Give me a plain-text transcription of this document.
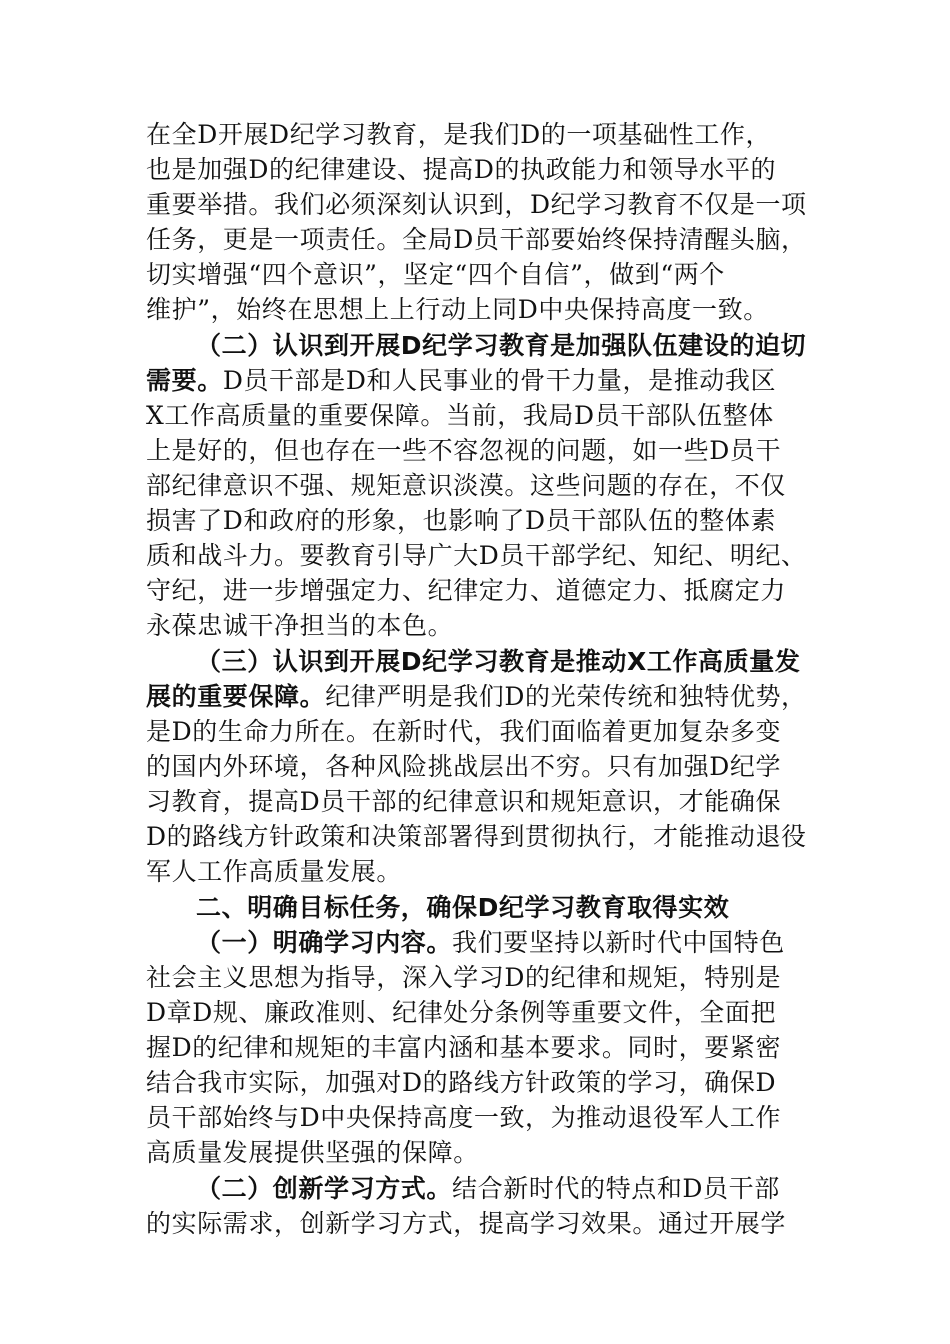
在全D开展D纪学习教育，是我们D的一项基础性工作，
也是加强D的纪律建设、提高D的执政能力和领导水平的
重要举措。我们必须深刻认识到，D纪学习教育不仅是一项
任务，更是一项责任。全局D员干部要始终保持清醒头脑，
切实增强“四个意识”，坚定“四个自信”，做到“两个
维护”，始终在思想上上行动上同D中央保持高度一致。
（二）认识到开展D纪学习教育是加强队伍建设的迫切
需要。D员干部是D和人民事业的骨干力量，是推动我区
X工作高质量的重要保障。当前，我局D员干部队伍整体
上是好的，但也存在一些不容忽视的问题，如一些D员干
部纪律意识不强、规矩意识淡漠。这些问题的存在，不仅
损害了D和政府的形象，也影响了D员干部队伍的整体素
质和战斗力。要教育引导广大D员干部学纪、知纪、明纪、
守纪，进一步增强定力、纪律定力、道德定力、抵腐定力
永葆忠诚干净担当的本色。
（三）认识到开展D纪学习教育是推动X工作高质量发
展的重要保障。纪律严明是我们D的光荣传统和独特优势，
是D的生命力所在。在新时代，我们面临着更加复杂多变
的国内外环境，各种风险挑战层出不穷。只有加强D纪学
习教育，提高D员干部的纪律意识和规矩意识，才能确保
D的路线方针政策和决策部署得到贯彻执行，才能推动退役
军人工作高质量发展。
二、明确目标任务，确保D纪学习教育取得实效
（一）明确学习内容。我们要坚持以新时代中国特色
社会主义思想为指导，深入学习D的纪律和规矩，特别是
D章D规、廉政准则、纪律处分条例等重要文件，全面把
握D的纪律和规矩的丰富内涵和基本要求。同时，要紧密
结合我市实际，加强对D的路线方针政策的学习，确保D
员干部始终与D中央保持高度一致，为推动退役军人工作
高质量发展提供坚强的保障。
（二）创新学习方式。结合新时代的特点和D员干部
的实际需求，创新学习方式，提高学习效果。通过开展学
